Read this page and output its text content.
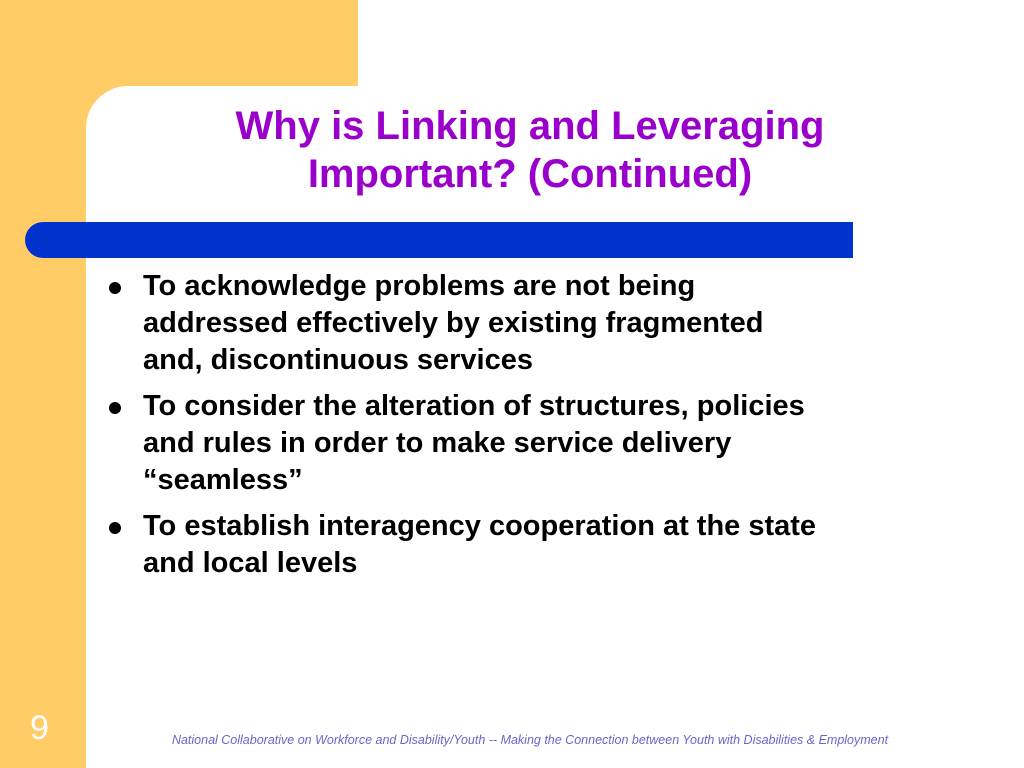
Why is Linking and Leveraging
Important? (Continued)
To acknowledge problems are not being
addressed effectively by existing fragmented
and, discontinuous services
To consider the alteration of structures, policies
and rules in order to make service delivery
“seamless”
To establish interagency cooperation at the state
and local levels
9	National Collaborative on Workforce and Disability/Youth -- Making the Connection between Youth with Disabilities & Employment
